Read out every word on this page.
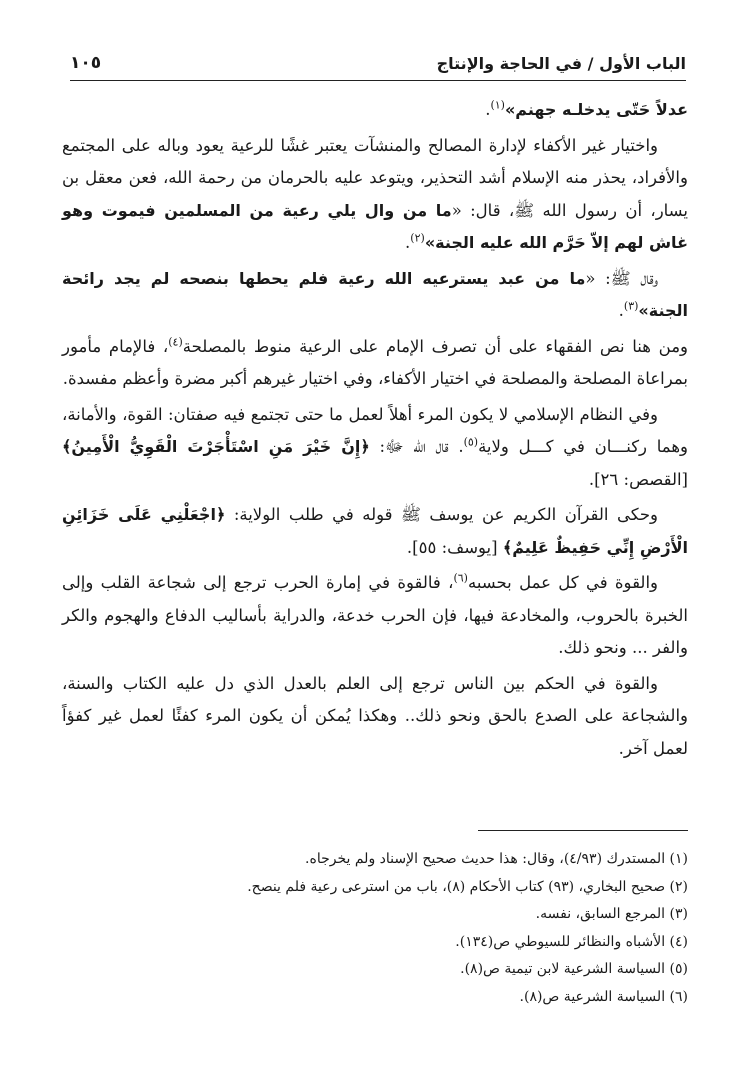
الباب الأول / في الحاجة والإنتاج
١٠٥

عدلاً حَتّى يدخلـه جهنم»$^{(١)}$.

واختيار غير الأكفاء لإدارة المصالح والمنشآت يعتبر غشًا للرعية يعود وباله على المجتمع والأفراد، يحذر منه الإسلام أشد التحذير، ويتوعد عليه بالحرمان من رحمة الله، فعن معقل بن يسار، أن رسول الله ﷺ، قال: «ما من وال يلي رعية من المسلمين فيموت وهو غاش لهم إلاّ حَرَّم الله عليه الجنة»$^{(٢)}$.

وقال ﷺ: «ما من عبد يسترعيه الله رعية فلم يحطها بنصحه لم يجد رائحة الجنة»$^{(٣)}$.

ومن هنا نص الفقهاء على أن تصرف الإمام على الرعية منوط بالمصلحة$^{(٤)}$، فالإمام مأمور بمراعاة المصلحة والمصلحة في اختيار الأكفاء، وفي اختيار غيرهم أكبر مضرة وأعظم مفسدة.

وفي النظام الإسلامي لا يكون المرء أهلاً لعمل ما حتى تجتمع فيه صفتان: القوة، والأمانة، وهما ركنـــان في كـــل ولاية$^{(٥)}$. قال الله ﷻ: ﴿إِنَّ خَيْرَ مَنِ اسْتَأْجَرْتَ الْقَوِيُّ الْأَمِينُ﴾ [القصص: ٢٦].

وحكى القرآن الكريم عن يوسف ﷺ قوله في طلب الولاية: ﴿اجْعَلْنِي عَلَى خَزَائِنِ الْأَرْضِ إِنِّي حَفِيظٌ عَلِيمٌ﴾ [يوسف: ٥٥].

والقوة في كل عمل بحسبه$^{(٦)}$، فالقوة في إمارة الحرب ترجع إلى شجاعة القلب وإلى الخبرة بالحروب، والمخادعة فيها، فإن الحرب خدعة، والدراية بأساليب الدفاع والهجوم والكر والفر ... ونحو ذلك.

والقوة في الحكم بين الناس ترجع إلى العلم بالعدل الذي دل عليه الكتاب والسنة، والشجاعة على الصدع بالحق ونحو ذلك.. وهكذا يُمكن أن يكون المرء كفئًا لعمل غير كفؤاً لعمل آخر.

(١) المستدرك (٤/٩٣)، وقال: هذا حديث صحيح الإسناد ولم يخرجاه.
(٢) صحيح البخاري، (٩٣) كتاب الأحكام (٨)، باب من استرعى رعية فلم ينصح.
(٣) المرجع السابق، نفسه.
(٤) الأشباه والنظائر للسيوطي ص(١٣٤).
(٥) السياسة الشرعية لابن تيمية ص(٨).
(٦) السياسة الشرعية ص(٨).
